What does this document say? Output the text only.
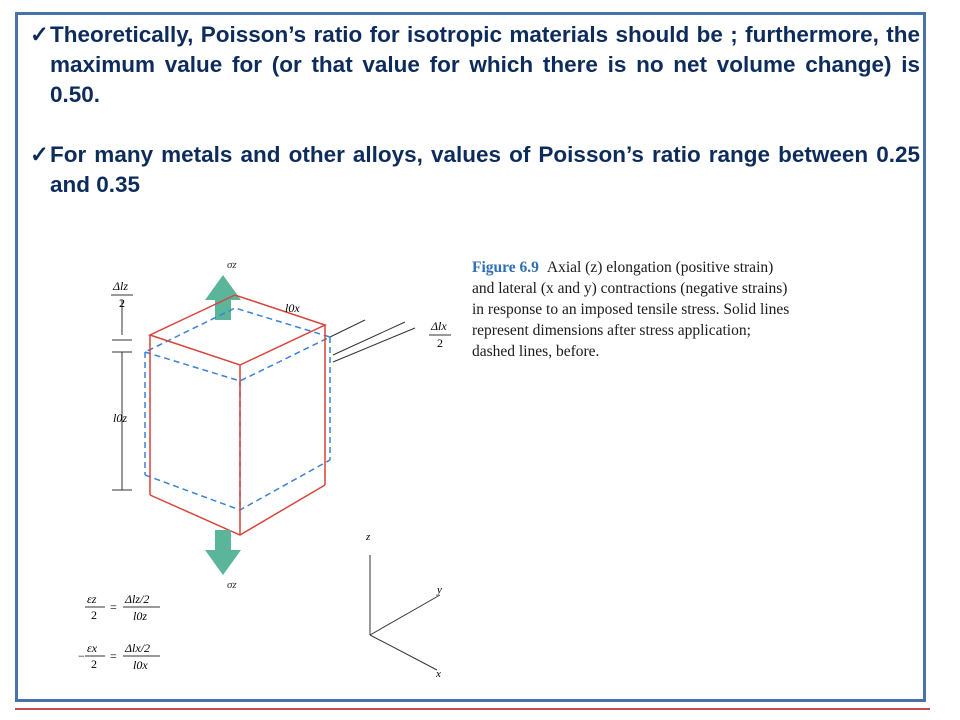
✓ Theoretically, Poisson’s ratio for isotropic materials should be ; furthermore, the maximum value for (or that value for which there is no net volume change) is 0.50.
✓ For many metals and other alloys, values of Poisson’s ratio range between 0.25 and 0.35
Figure 6.9 Axial (z) elongation (positive strain) and lateral (x and y) contractions (negative strains) in response to an imposed tensile stress. Solid lines represent dimensions after stress application; dashed lines, before.
σz
σz
Δlz
2
l0z
l0x
Δlx
2
z
y
x
εz
2
=
Δlz/2
l0z
−
εx
2
=
Δlx/2
l0x
